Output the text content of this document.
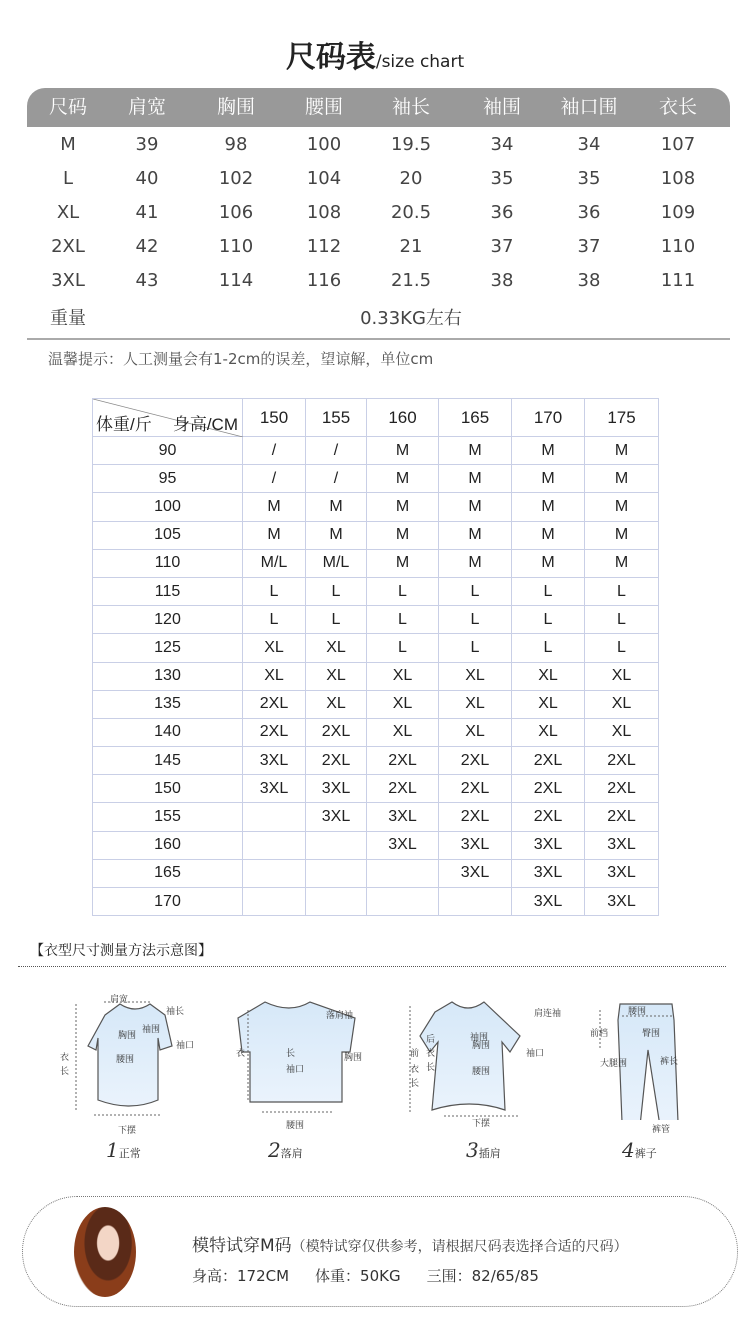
尺码表/size chart
尺码 肩宽	胸围	腰围	袖长	袖围 袖口围 衣长
M	39	98	100	19.5	34	34	107
L	40	102	104	20	35	35	108
XL	41	106	108	20.5	36	36	109
2XL	42	110	112	21	37	37	110
3XL	43	114	116	21.5	38	38	111
重量	0.33KG左右
温馨提示：人工测量会有1-2cm的误差，望谅解，单位cm
体重/斤 身高/CM	150	155	160	165	170	175
90	/	/	M	M	M	M
95	/	/	M	M	M	M
100	M	M	M	M	M	M
105	M	M	M	M	M	M
110	M/L	M/L	M	M	M	M
115	L	L	L	L	L	L
120	L	L	L	L	L	L
125	XL	XL	L	L	L	L
130	XL	XL	XL	XL	XL	XL
135	2XL	XL	XL	XL	XL	XL
140	2XL	2XL	XL	XL	XL	XL
145	3XL	2XL	2XL	2XL	2XL	2XL
150	3XL	3XL	2XL	2XL	2XL	2XL
155		3XL	3XL	2XL	2XL	2XL
160			3XL	3XL	3XL	3XL
165				3XL	3XL	3XL
170					3XL	3XL
【衣型尺寸测量方法示意图】
肩宽
袖长
袖围
胸围
袖口
腰围
衣
长
下摆
1正常
落肩袖
衣	长	胸围
袖口
腰围
2落肩
肩连袖
袖围
后
衣
长
前
衣
长
胸围
袖口
腰围
下摆
3插肩
腰围
前档	臀围
大腿围	裤长
裤管
4裤子
模特试穿M码（模特试穿仅供参考，请根据尺码表选择合适的尺码）
身高：172CM 体重：50KG 三围：82/65/85
